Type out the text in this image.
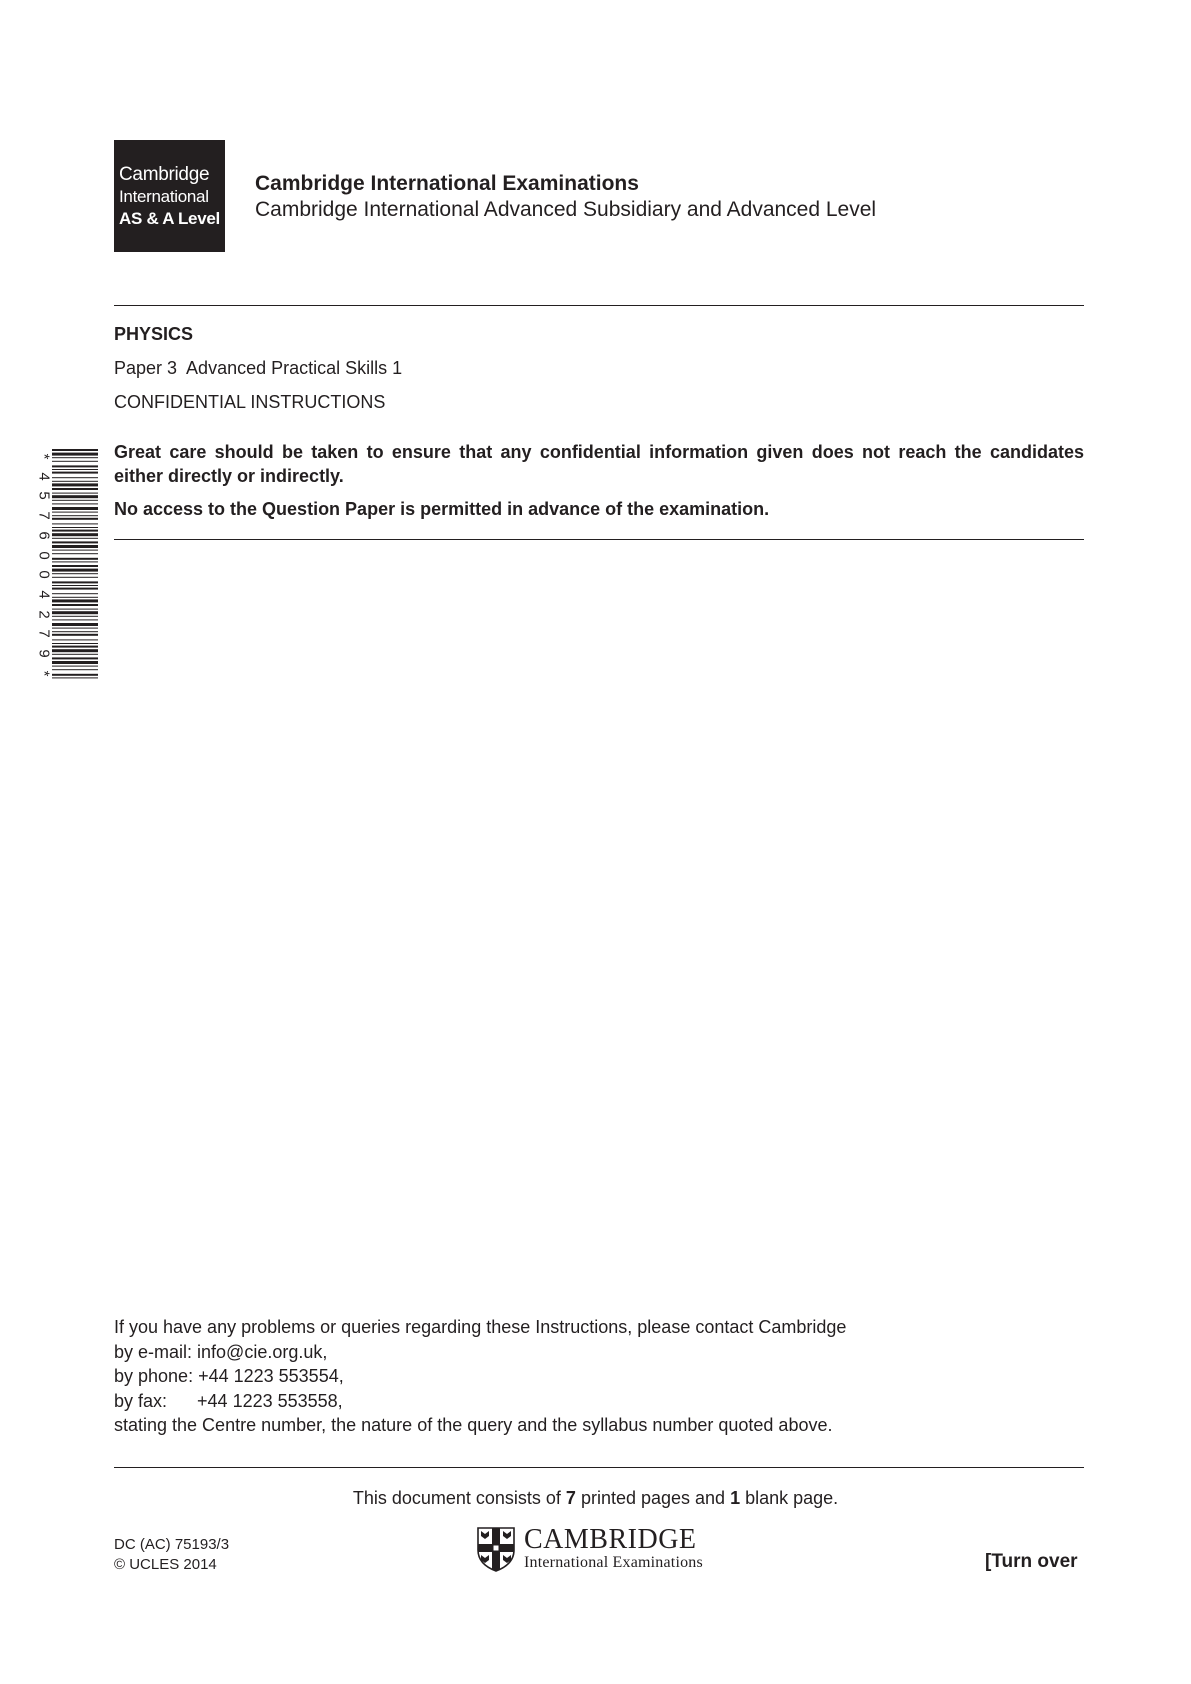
Cambridge
International
AS & A Level
Cambridge International Examinations
Cambridge International Advanced Subsidiary and Advanced Level
PHYSICS
Paper 3  Advanced Practical Skills 1
CONFIDENTIAL INSTRUCTIONS
*
4
5
7
6
0
0
4
2
7
9
*
Great care should be taken to ensure that any confidential information given does not reach the candidates either directly or indirectly.
No access to the Question Paper is permitted in advance of the examination.
If you have any problems or queries regarding these Instructions, please contact Cambridge
by e-mail: info@cie.org.uk,
by phone: +44 1223 553554,
by fax:      +44 1223 553558,
stating the Centre number, the nature of the query and the syllabus number quoted above.
This document consists of 7 printed pages and 1 blank page.
DC (AC) 75193/3
© UCLES 2014
CAMBRIDGE
International Examinations	[Turn over
